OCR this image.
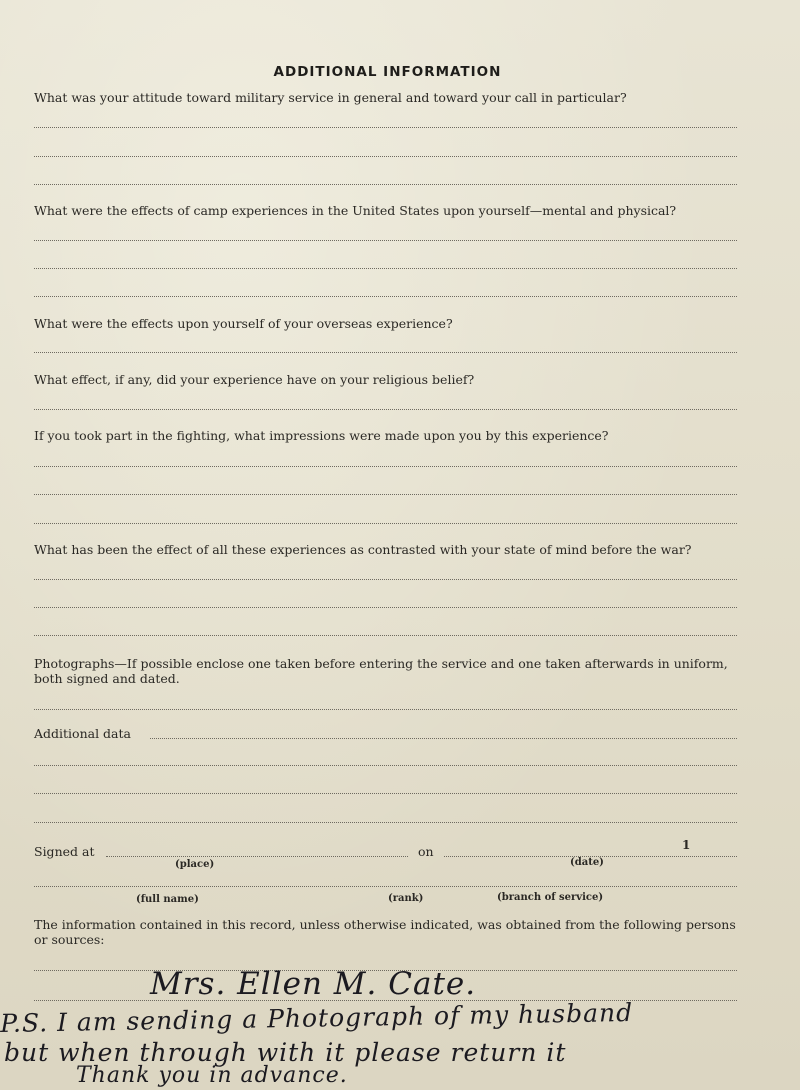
ADDITIONAL INFORMATION
What was your attitude toward military service in general and toward your call in particular?
What were the effects of camp experiences in the United States upon yourself—mental and physical?
What were the effects upon yourself of your overseas experience?
What effect, if any, did your experience have on your religious belief?
If you took part in the fighting, what impressions were made upon you by this experience?
What has been the effect of all these experiences as contrasted with your state of mind before the war?
Photographs—If possible enclose one taken before entering the service and one taken afterwards in uniform, both signed and dated.
Additional data
Signed at	on	1
(place)	(date)
(full name)	(rank)	(branch of service)
The information contained in this record, unless otherwise indicated, was obtained from the following persons or sources:
Mrs. Ellen M. Cate.
P.S. I am sending a Photograph of my husband
but when through with it please return it
Thank you in advance.
